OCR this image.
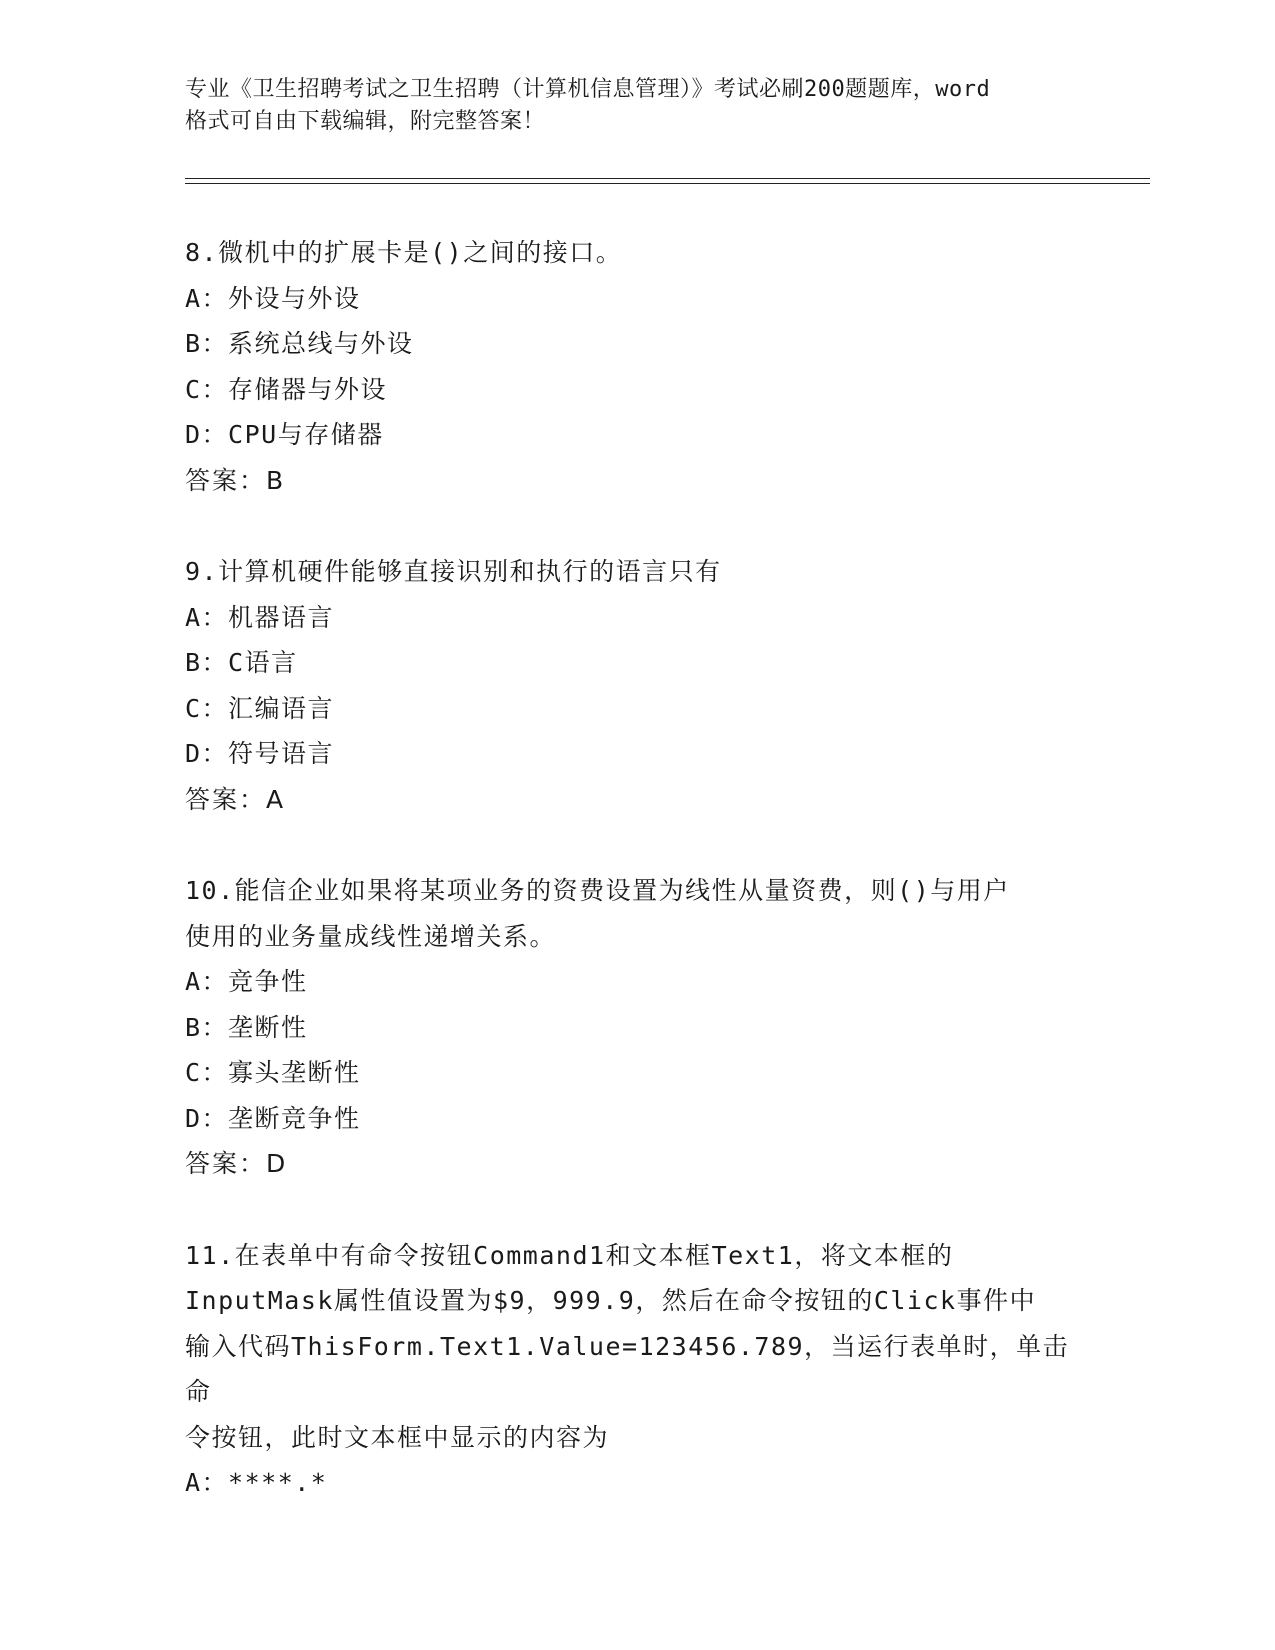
专业《卫生招聘考试之卫生招聘（计算机信息管理）》考试必刷200题题库，word
格式可自由下载编辑，附完整答案！

8.微机中的扩展卡是()之间的接口。

A：外设与外设

B：系统总线与外设

C：存储器与外设

D：CPU与存储器

答案：B

9.计算机硬件能够直接识别和执行的语言只有

A：机器语言

B：C语言

C：汇编语言

D：符号语言

答案：A

10.能信企业如果将某项业务的资费设置为线性从量资费，则()与用户

使用的业务量成线性递增关系。

A：竞争性

B：垄断性

C：寡头垄断性

D：垄断竞争性

答案：D

11.在表单中有命令按钮Command1和文本框Text1，将文本框的

InputMask属性值设置为$9，999.9，然后在命令按钮的Click事件中

输入代码ThisForm.Text1.Value=123456.789，当运行表单时，单击命

令按钮，此时文本框中显示的内容为

A：****.*
